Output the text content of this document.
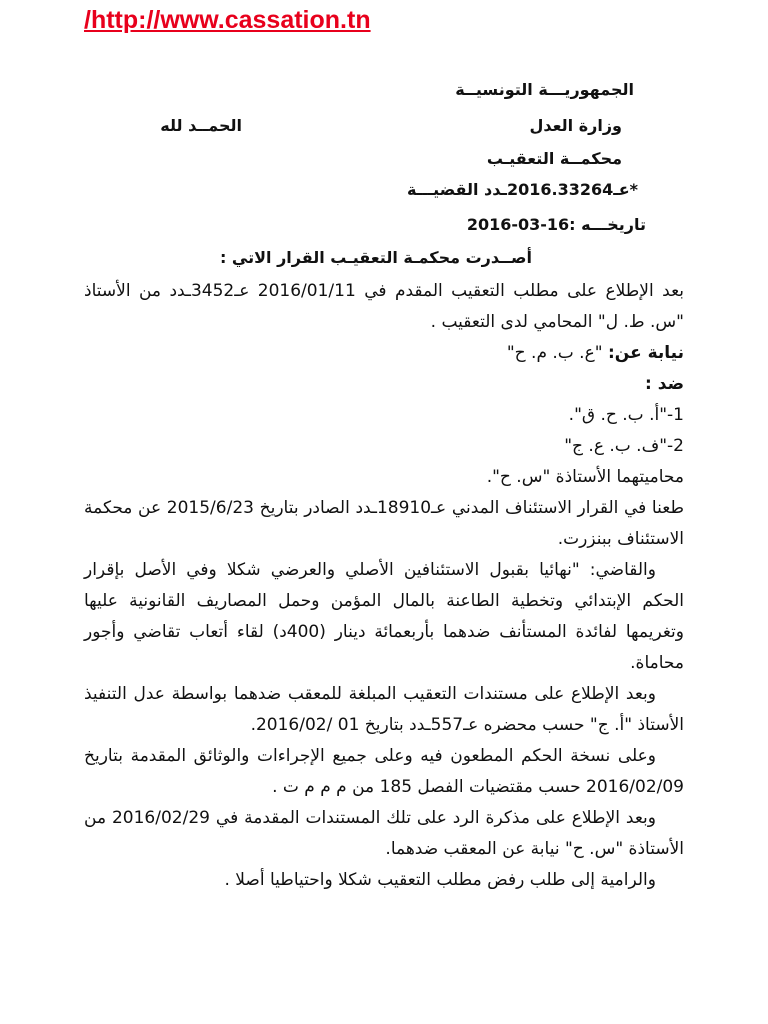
/http://www.cassation.tn
الجمهوريـــة التونسيــة
وزارة العدل
الحمــد لله
محكمــة التعقيـب
*عـ2016.33264ـدد القضيـــة
تاريخـــه :16-03-2016
أصــدرت محكمـة التعقيـب القرار الاتي :

بعد الإطلاع على مطلب التعقيب المقدم في 2016/01/11 عـ3452ـدد من الأستاذ "س. ط. ل" المحامي لدى التعقيب .

نيابة عن: "ع. ب. م. ح"

ضد :

1-"أ. ب. ح. ق".

2-"ف. ب. ع. ج"

محاميتهما الأستاذة "س. ح".

طعنا في القرار الاستئناف المدني عـ18910ـدد الصادر بتاريخ 2015/6/23 عن محكمة الاستئناف ببنزرت.

والقاضي: "نهائيا بقبول الاستئنافين الأصلي والعرضي شكلا وفي الأصل بإقرار الحكم الإبتدائي وتخطية الطاعنة بالمال المؤمن وحمل المصاريف القانونية عليها وتغريمها لفائدة المستأنف ضدهما بأربعمائة دينار (400د) لقاء أتعاب تقاضي وأجور محاماة.

وبعد الإطلاع على مستندات التعقيب المبلغة للمعقب ضدهما بواسطة عدل التنفيذ الأستاذ "أ. ج" حسب محضره عـ557ـدد بتاريخ 01 /2016/02.

وعلى نسخة الحكم المطعون فيه وعلى جميع الإجراءات والوثائق المقدمة بتاريخ 2016/02/09 حسب مقتضيات الفصل 185 من م م م ت .

وبعد الإطلاع على مذكرة الرد على تلك المستندات المقدمة في 2016/02/29 من الأستاذة "س. ح" نيابة عن المعقب ضدهما.

والرامية إلى طلب رفض مطلب التعقيب شكلا واحتياطيا أصلا .
